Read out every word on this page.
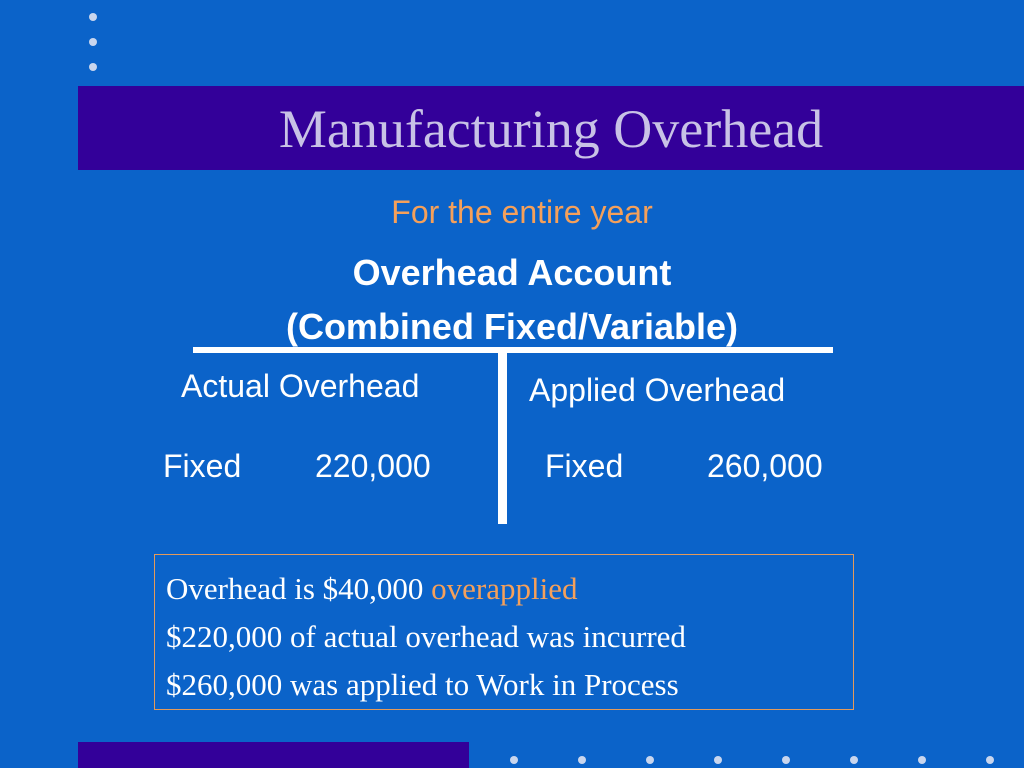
Manufacturing Overhead
For the entire year
Overhead Account
(Combined Fixed/Variable)
Actual Overhead	Applied Overhead
Fixed 220,000	Fixed	260,000
Overhead is $40,000 overapplied
$220,000 of actual overhead was incurred
$260,000 was applied to Work in Process
